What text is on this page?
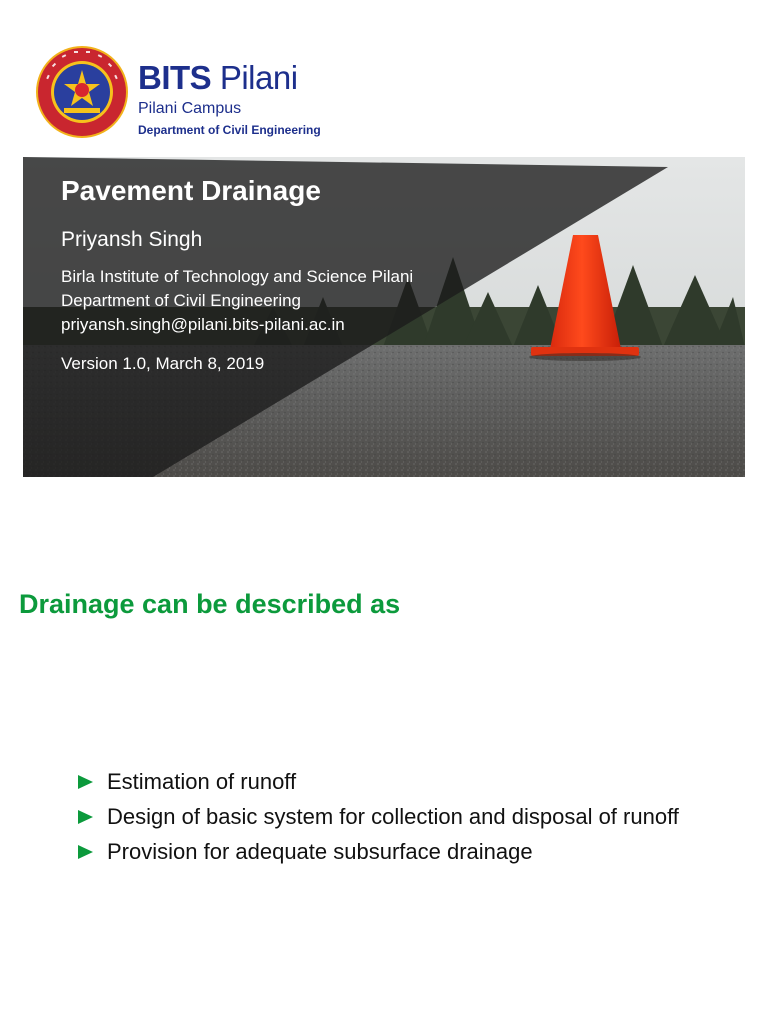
BITS Pilani
Pilani Campus
Department of Civil Engineering
Pavement Drainage
Priyansh Singh
Birla Institute of Technology and Science Pilani
Department of Civil Engineering
priyansh.singh@pilani.bits-pilani.ac.in
Version 1.0, March 8, 2019
Drainage can be described as
Estimation of runoff
Design of basic system for collection and disposal of runoff
Provision for adequate subsurface drainage
